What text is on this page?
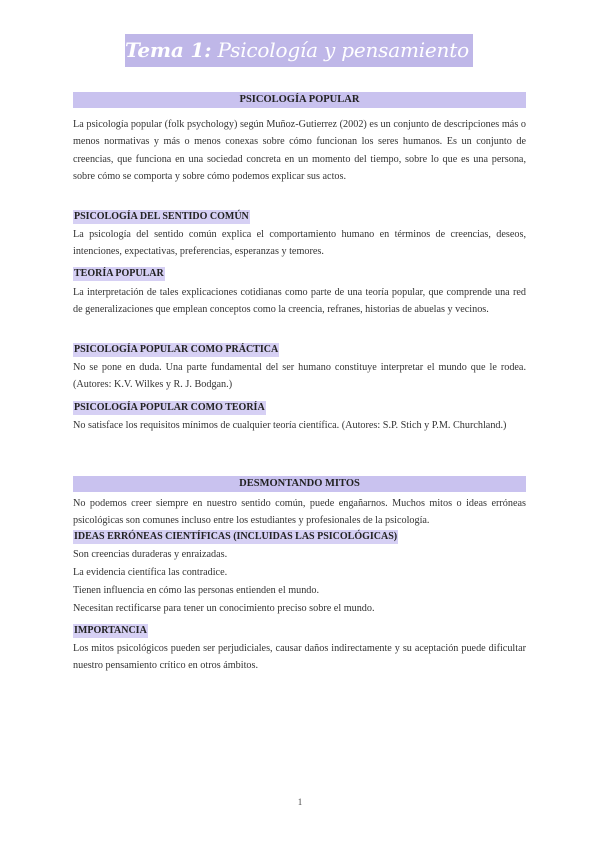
Tema 1: Psicología y pensamiento científico
PSICOLOGÍA POPULAR

La psicología popular (folk psychology) según Muñoz-Gutierrez (2002) es un conjunto de descripciones más o menos normativas y más o menos conexas sobre cómo funcionan los seres humanos. Es un conjunto de creencias, que funciona en una sociedad concreta en un momento del tiempo, sobre lo que es una persona, sobre cómo se comporta y sobre cómo podemos explicar sus actos.

PSICOLOGÍA DEL SENTIDO COMÚN

La psicología del sentido común explica el comportamiento humano en términos de creencias, deseos, intenciones, expectativas, preferencias, esperanzas y temores.

TEORÍA POPULAR

La interpretación de tales explicaciones cotidianas como parte de una teoría popular, que comprende una red de generalizaciones que emplean conceptos como la creencia, refranes, historias de abuelas y vecinos.

PSICOLOGÍA POPULAR COMO PRÁCTICA

No se pone en duda. Una parte fundamental del ser humano constituye interpretar el mundo que le rodea. (Autores: K.V. Wilkes y R. J. Bodgan.)

PSICOLOGÍA POPULAR COMO TEORÍA

No satisface los requisitos mínimos de cualquier teoría científica. (Autores: S.P. Stich y P.M. Churchland.)

DESMONTANDO MITOS

No podemos creer siempre en nuestro sentido común, puede engañarnos. Muchos mitos o ideas erróneas psicológicas son comunes incluso entre los estudiantes y profesionales de la psicología.

IDEAS ERRÓNEAS CIENTÍFICAS (INCLUIDAS LAS PSICOLÓGICAS)
Son creencias duraderas y enraizadas.
La evidencia científica las contradice.
Tienen influencia en cómo las personas entienden el mundo.
Necesitan rectificarse para tener un conocimiento preciso sobre el mundo.
IMPORTANCIA

Los mitos psicológicos pueden ser perjudiciales, causar daños indirectamente y su aceptación puede dificultar nuestro pensamiento crítico en otros ámbitos.

1
